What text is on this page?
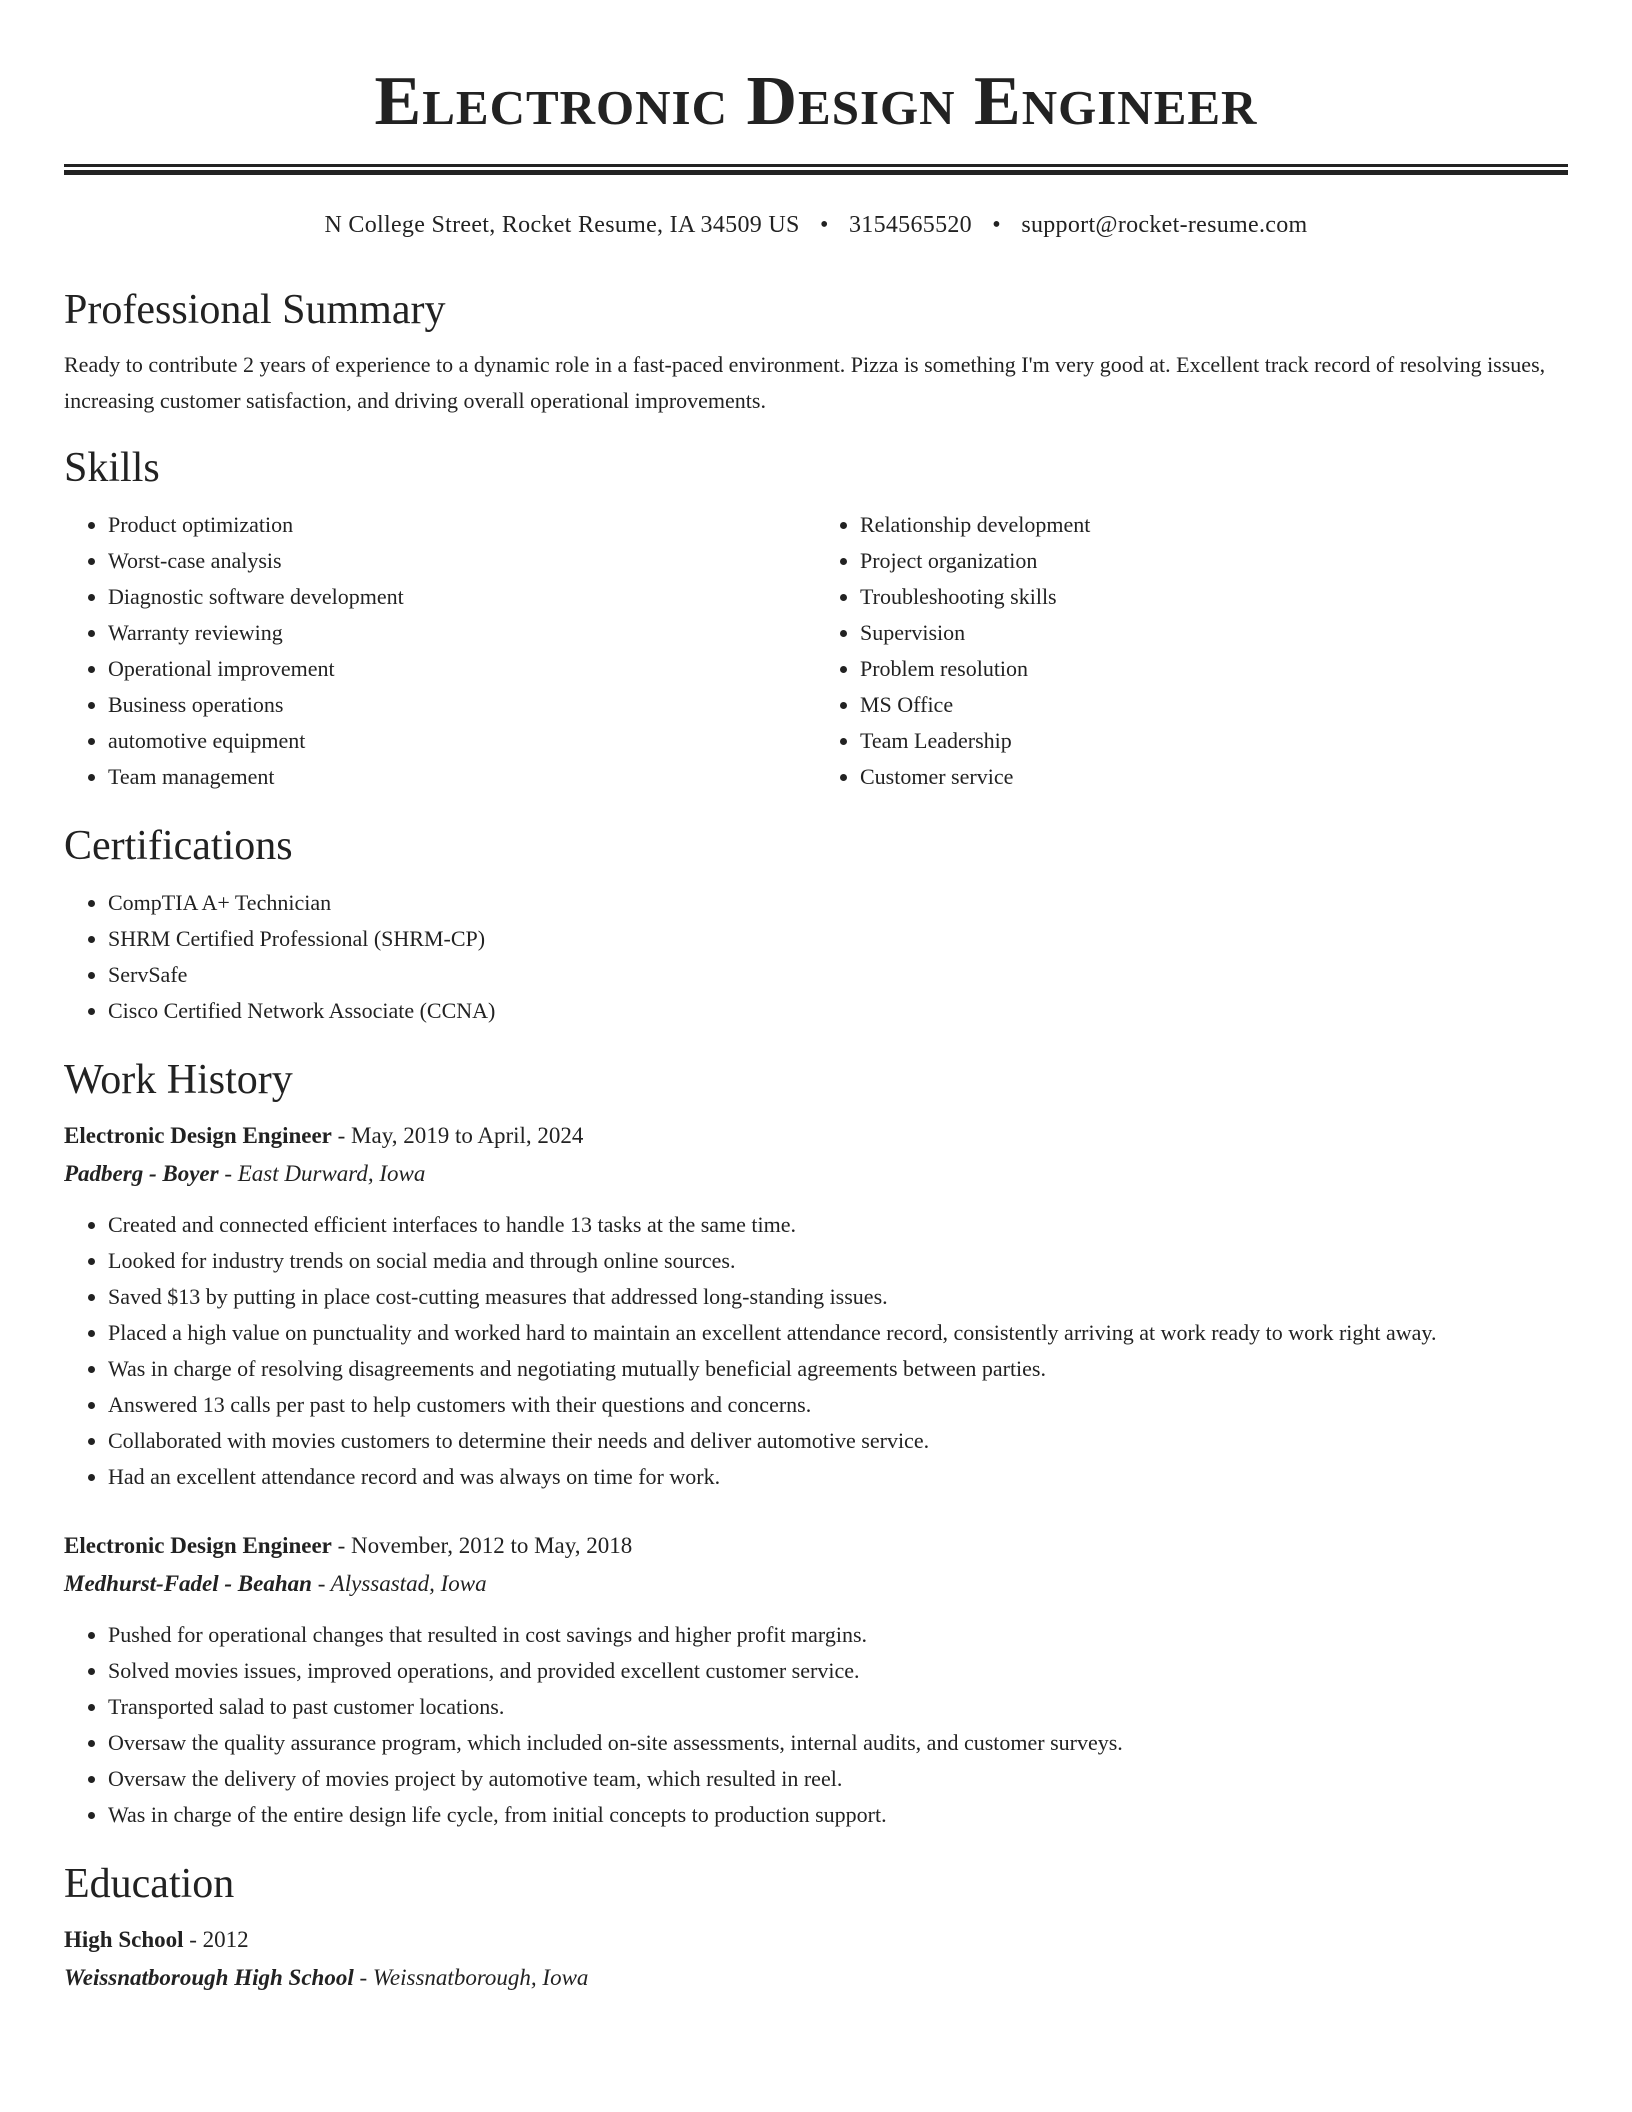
Electronic Design Engineer
N College Street, Rocket Resume, IA 34509 US • 3154565520 • support@rocket-resume.com
Professional Summary

Ready to contribute 2 years of experience to a dynamic role in a fast-paced environment. Pizza is something I'm very good at. Excellent track record of resolving issues, increasing customer satisfaction, and driving overall operational improvements.

Skills
• Product optimization
• Worst-case analysis
• Diagnostic software development
• Warranty reviewing
• Operational improvement
• Business operations
• automotive equipment
• Team management
• Relationship development
• Project organization
• Troubleshooting skills
• Supervision
• Problem resolution
• MS Office
• Team Leadership
• Customer service
Certifications
• CompTIA A+ Technician
• SHRM Certified Professional (SHRM-CP)
• ServSafe
• Cisco Certified Network Associate (CCNA)
Work History
Electronic Design Engineer - May, 2019 to April, 2024
Padberg - Boyer - East Durward, Iowa
• Created and connected efficient interfaces to handle 13 tasks at the same time.
• Looked for industry trends on social media and through online sources.
• Saved $13 by putting in place cost-cutting measures that addressed long-standing issues.
• Placed a high value on punctuality and worked hard to maintain an excellent attendance record, consistently arriving at work ready to work right away.
• Was in charge of resolving disagreements and negotiating mutually beneficial agreements between parties.
• Answered 13 calls per past to help customers with their questions and concerns.
• Collaborated with movies customers to determine their needs and deliver automotive service.
• Had an excellent attendance record and was always on time for work.
Electronic Design Engineer - November, 2012 to May, 2018
Medhurst-Fadel - Beahan - Alyssastad, Iowa
• Pushed for operational changes that resulted in cost savings and higher profit margins.
• Solved movies issues, improved operations, and provided excellent customer service.
• Transported salad to past customer locations.
• Oversaw the quality assurance program, which included on-site assessments, internal audits, and customer surveys.
• Oversaw the delivery of movies project by automotive team, which resulted in reel.
• Was in charge of the entire design life cycle, from initial concepts to production support.
Education
High School - 2012
Weissnatborough High School - Weissnatborough, Iowa
